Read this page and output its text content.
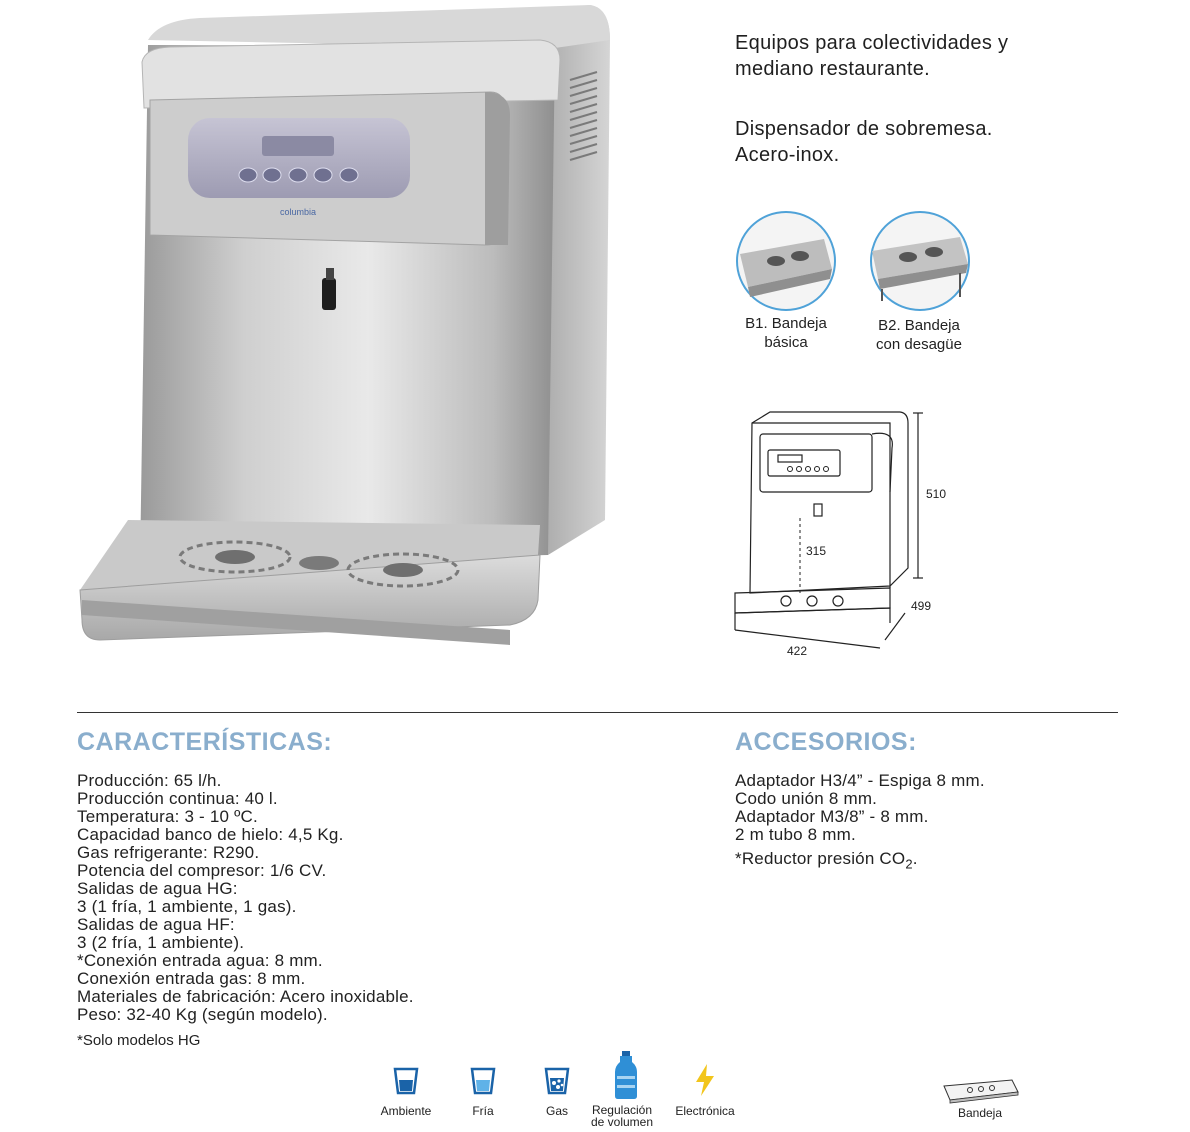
columbia

Equipos para colectividades y
mediano restaurante.

Dispensador de sobremesa.
Acero-inox.

B1. Bandeja
básica
B2. Bandeja
con desagüe
510
315
499
422
CARACTERÍSTICAS:
Producción: 65 l/h.
Producción continua: 40 l.
Temperatura: 3 - 10 ºC.
Capacidad banco de hielo: 4,5 Kg.
Gas refrigerante: R290.
Potencia del compresor: 1/6 CV.
Salidas de agua HG:
3 (1 fría, 1 ambiente, 1 gas).
Salidas de agua HF:
3 (2 fría, 1 ambiente).
*Conexión entrada agua: 8 mm.
Conexión entrada gas: 8 mm.
Materiales de fabricación: Acero inoxidable.
Peso: 32-40 Kg (según modelo).
*Solo modelos HG
ACCESORIOS:
Adaptador H3/4” - Espiga 8 mm.
Codo unión 8 mm.
Adaptador M3/8” - 8 mm.
2 m tubo 8 mm.
*Reductor presión $CO_2$.
Ambiente	Fría	Gas	Regulación
de volumen
Electrónica	Bandeja
